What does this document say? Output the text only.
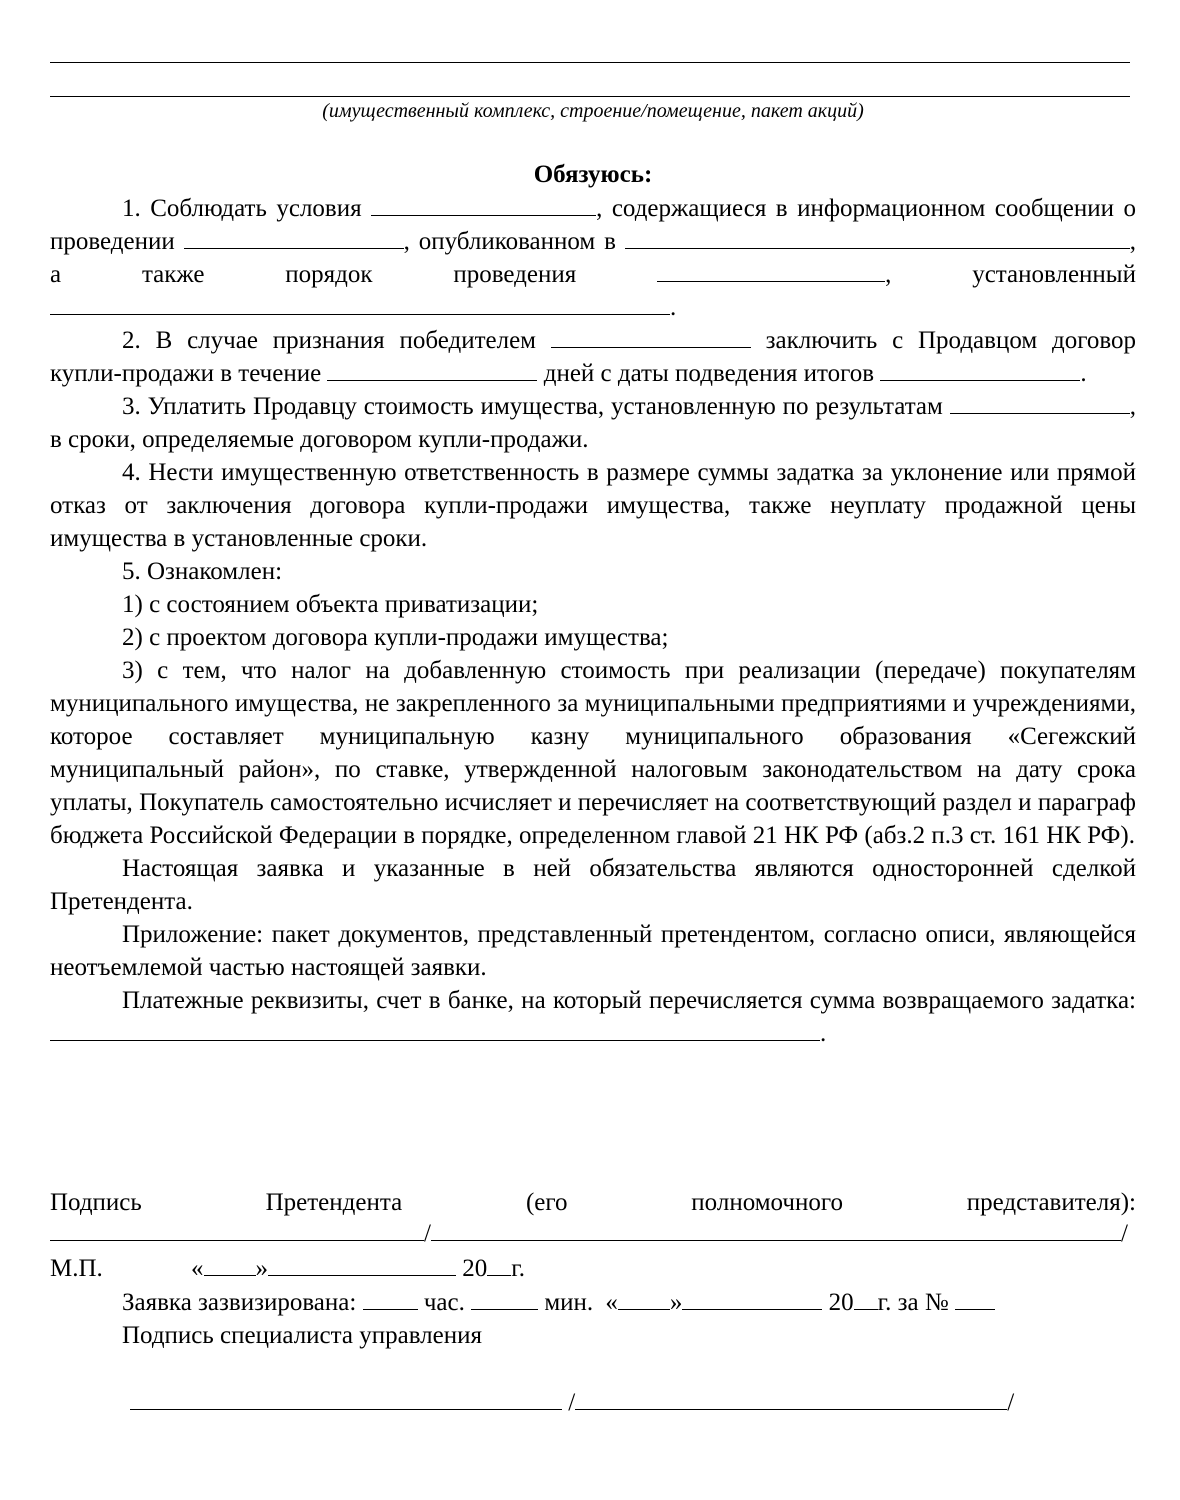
(имущественный комплекс, строение/помещение, пакет акций)
Обязуюсь:

1. Соблюдать условия	, содержащиеся в информационном сообщении о проведении	, опубликованном в	, а также порядок проведения	, установленный .

2. В случае признания победителем	заключить с Продавцом договор купли-продажи в течение	дней с даты подведения итогов	.

3. Уплатить Продавцу стоимость имущества, установленную по результатам	, в сроки, определяемые договором купли-продажи.

4. Нести имущественную ответственность в размере суммы задатка за уклонение или прямой отказ от заключения договора купли-продажи имущества, также неуплату продажной цены имущества в установленные сроки.

5. Ознакомлен:

1) с состоянием объекта приватизации;

2) с проектом договора купли-продажи имущества;

3) с тем, что налог на добавленную стоимость при реализации (передаче) покупателям муниципального имущества, не закрепленного за муниципальными предприятиями и учреждениями, которое составляет муниципальную казну муниципального образования «Сегежский муниципальный район», по ставке, утвержденной налоговым законодательством на дату срока уплаты, Покупатель самостоятельно исчисляет и перечисляет на соответствующий раздел и параграф бюджета Российской Федерации в порядке, определенном главой 21 НК РФ (абз.2 п.3 ст. 161 НК РФ).

Настоящая заявка и указанные в ней обязательства являются односторонней сделкой Претендента.

Приложение: пакет документов, представленный претендентом, согласно описи, являющейся неотъемлемой частью настоящей заявки.

Платежные реквизиты, счет в банке, на который перечисляется сумма возвращаемого задатка: .

Подпись Претендента (его полномочного представителя):

/	/
М.П.	« »	20 г.
Заявка зазвизирована:	час.	мин. « »	20 г. за №
Подпись специалиста управления
/	/
